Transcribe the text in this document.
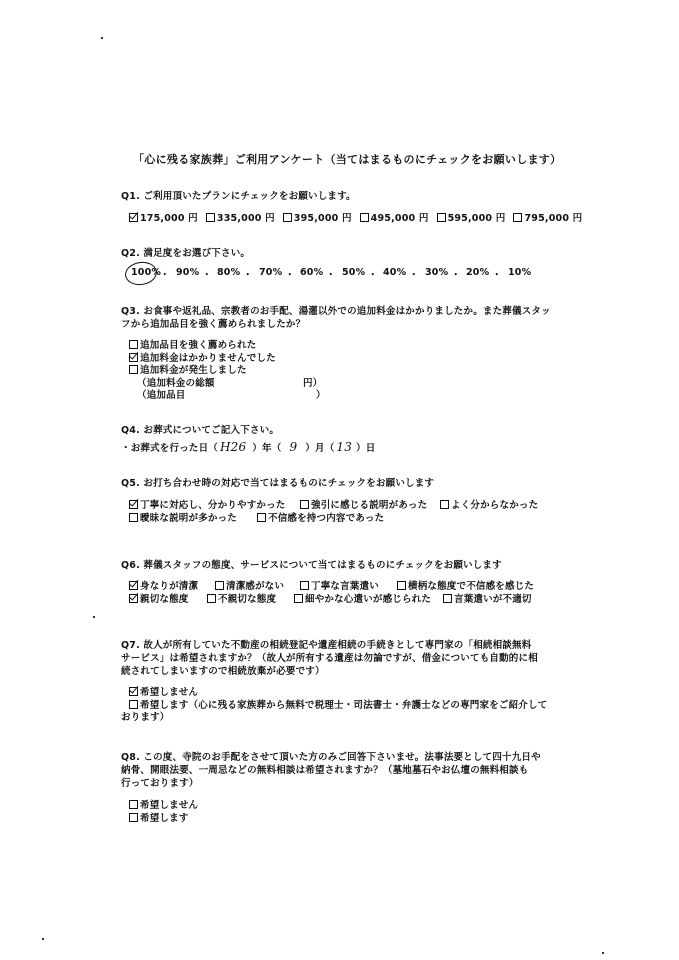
「心に残る家族葬」ご利用アンケート（当てはまるものにチェックをお願いします）
Q1. ご利用頂いたプランにチェックをお願いします。
175,000 円	335,000 円	395,000 円	495,000 円	595,000 円	795,000 円
Q2. 満足度をお選び下さい。
100%
・ 90% ・ 80% ・ 70% ・ 60% ・ 50% ・ 40% ・ 30% ・ 20% ・ 10%
Q3. お食事や返礼品、宗教者のお手配、湯灌以外での追加料金はかかりましたか。また葬儀スタッ
フから追加品目を強く薦められましたか？
追加品目を強く薦められた
追加料金はかかりませんでした
追加料金が発生しました
（追加料金の総額	円）
（追加品目	）
Q4. お葬式についてご記入下さい。
・お葬式を行った日（ H26 ）年（ 9 ）月（ 13 ）日
Q5. お打ち合わせ時の対応で当てはまるものにチェックをお願いします
丁寧に対応し、分かりやすかった	強引に感じる説明があった	よく分からなかった
曖昧な説明が多かった	不信感を持つ内容であった
Q6. 葬儀スタッフの態度、サービスについて当てはまるものにチェックをお願いします
身なりが清潔	清潔感がない	丁寧な言葉遣い	横柄な態度で不信感を感じた
親切な態度	不親切な態度	細やかな心遣いが感じられた	言葉遣いが不適切
Q7. 故人が所有していた不動産の相続登記や遺産相続の手続きとして専門家の「相続相談無料
サービス」は希望されますか？（故人が所有する遺産は勿論ですが、借金についても自動的に相
続されてしまいますので相続放棄が必要です）
希望しません
希望します（心に残る家族葬から無料で税理士・司法書士・弁護士などの専門家をご紹介して
おります）
Q8. この度、寺院のお手配をさせて頂いた方のみご回答下さいませ。法事法要として四十九日や
納骨、開眼法要、一周忌などの無料相談は希望されますか？（墓地墓石やお仏壇の無料相談も
行っております）
希望しません
希望します
